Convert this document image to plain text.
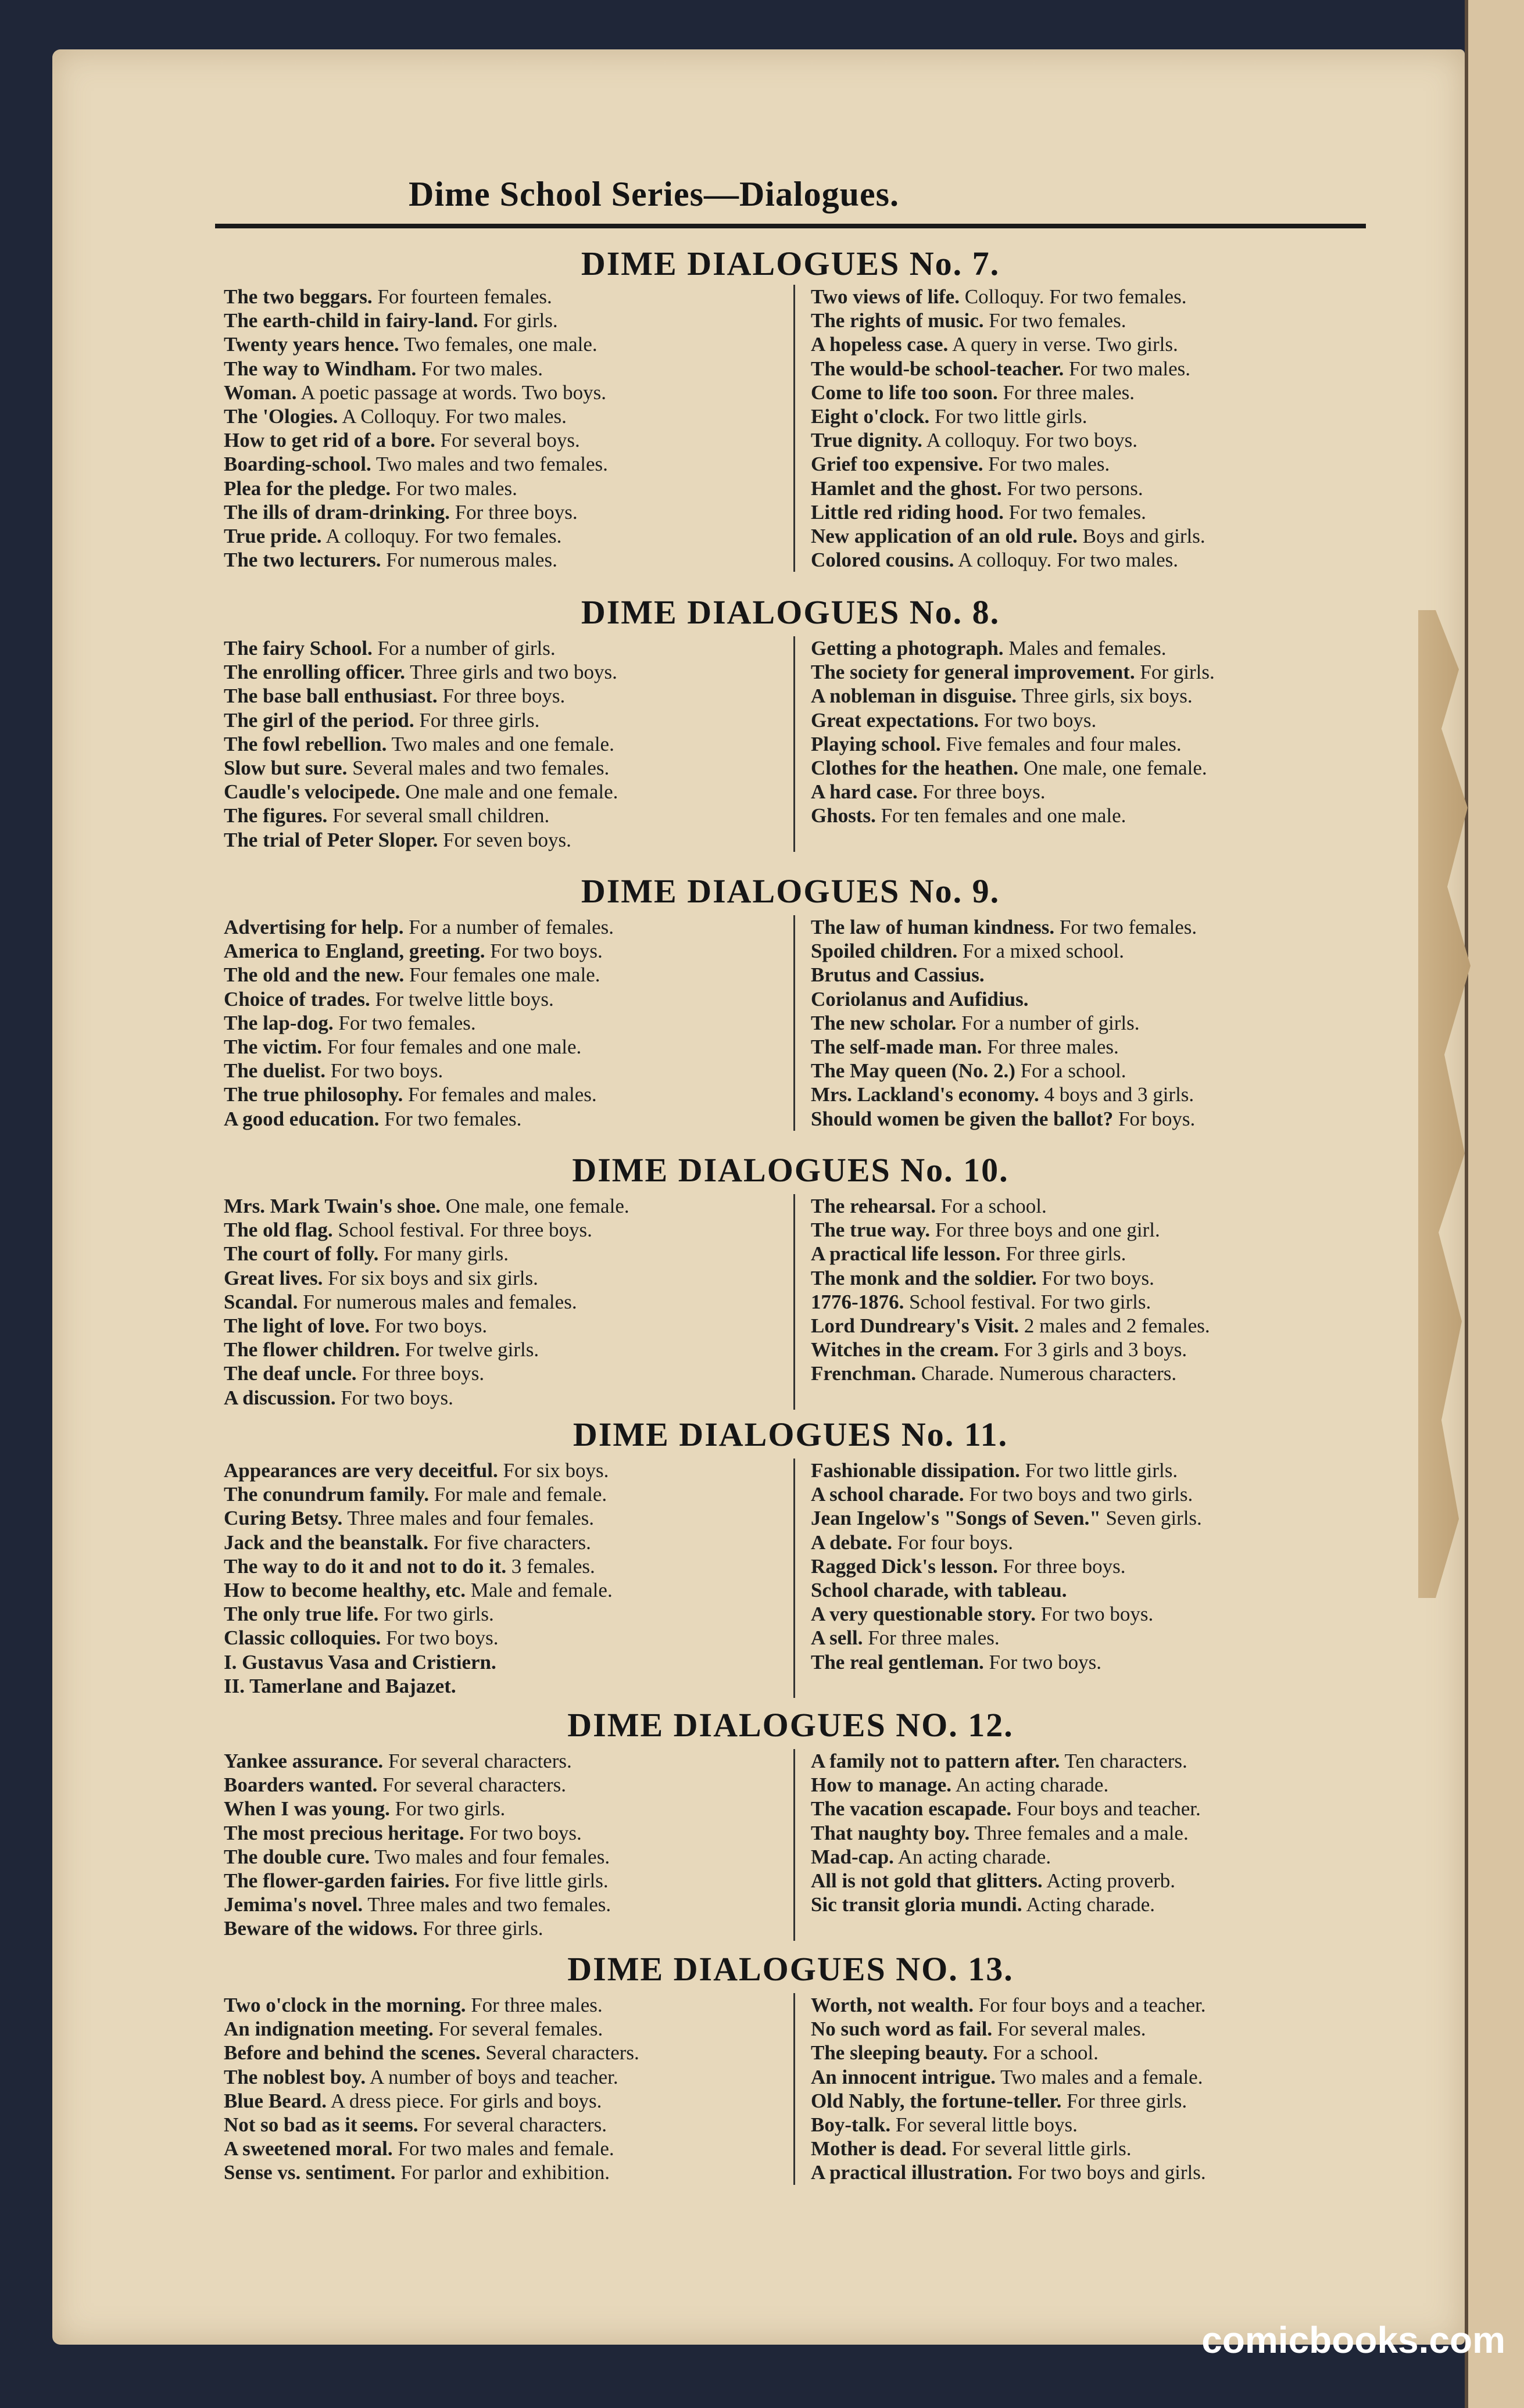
Dime School Series—Dialogues.
DIME DIALOGUES No. 7.
The two beggars. For fourteen females.
The earth-child in fairy-land. For girls.
Twenty years hence. Two females, one male.
The way to Windham. For two males.
Woman. A poetic passage at words. Two boys.
The 'Ologies. A Colloquy. For two males.
How to get rid of a bore. For several boys.
Boarding-school. Two males and two females.
Plea for the pledge. For two males.
The ills of dram-drinking. For three boys.
True pride. A colloquy. For two females.
The two lecturers. For numerous males.
Two views of life. Colloquy. For two females.
The rights of music. For two females.
A hopeless case. A query in verse. Two girls.
The would-be school-teacher. For two males.
Come to life too soon. For three males.
Eight o'clock. For two little girls.
True dignity. A colloquy. For two boys.
Grief too expensive. For two males.
Hamlet and the ghost. For two persons.
Little red riding hood. For two females.
New application of an old rule. Boys and girls.
Colored cousins. A colloquy. For two males.
DIME DIALOGUES No. 8.
The fairy School. For a number of girls.
The enrolling officer. Three girls and two boys.
The base ball enthusiast. For three boys.
The girl of the period. For three girls.
The fowl rebellion. Two males and one female.
Slow but sure. Several males and two females.
Caudle's velocipede. One male and one female.
The figures. For several small children.
The trial of Peter Sloper. For seven boys.
Getting a photograph. Males and females.
The society for general improvement. For girls.
A nobleman in disguise. Three girls, six boys.
Great expectations. For two boys.
Playing school. Five females and four males.
Clothes for the heathen. One male, one female.
A hard case. For three boys.
Ghosts. For ten females and one male.
DIME DIALOGUES No. 9.
Advertising for help. For a number of females.
America to England, greeting. For two boys.
The old and the new. Four females one male.
Choice of trades. For twelve little boys.
The lap-dog. For two females.
The victim. For four females and one male.
The duelist. For two boys.
The true philosophy. For females and males.
A good education. For two females.
The law of human kindness. For two females.
Spoiled children. For a mixed school.
Brutus and Cassius.
Coriolanus and Aufidius.
The new scholar. For a number of girls.
The self-made man. For three males.
The May queen (No. 2.) For a school.
Mrs. Lackland's economy. 4 boys and 3 girls.
Should women be given the ballot? For boys.
DIME DIALOGUES No. 10.
Mrs. Mark Twain's shoe. One male, one female.
The old flag. School festival. For three boys.
The court of folly. For many girls.
Great lives. For six boys and six girls.
Scandal. For numerous males and females.
The light of love. For two boys.
The flower children. For twelve girls.
The deaf uncle. For three boys.
A discussion. For two boys.
The rehearsal. For a school.
The true way. For three boys and one girl.
A practical life lesson. For three girls.
The monk and the soldier. For two boys.
1776-1876. School festival. For two girls.
Lord Dundreary's Visit. 2 males and 2 females.
Witches in the cream. For 3 girls and 3 boys.
Frenchman. Charade. Numerous characters.
DIME DIALOGUES No. 11.
Appearances are very deceitful. For six boys.
The conundrum family. For male and female.
Curing Betsy. Three males and four females.
Jack and the beanstalk. For five characters.
The way to do it and not to do it. 3 females.
How to become healthy, etc. Male and female.
The only true life. For two girls.
Classic colloquies. For two boys.
I. Gustavus Vasa and Cristiern.
II. Tamerlane and Bajazet.
Fashionable dissipation. For two little girls.
A school charade. For two boys and two girls.
Jean Ingelow's "Songs of Seven." Seven girls.
A debate. For four boys.
Ragged Dick's lesson. For three boys.
School charade, with tableau.
A very questionable story. For two boys.
A sell. For three males.
The real gentleman. For two boys.
DIME DIALOGUES NO. 12.
Yankee assurance. For several characters.
Boarders wanted. For several characters.
When I was young. For two girls.
The most precious heritage. For two boys.
The double cure. Two males and four females.
The flower-garden fairies. For five little girls.
Jemima's novel. Three males and two females.
Beware of the widows. For three girls.
A family not to pattern after. Ten characters.
How to manage. An acting charade.
The vacation escapade. Four boys and teacher.
That naughty boy. Three females and a male.
Mad-cap. An acting charade.
All is not gold that glitters. Acting proverb.
Sic transit gloria mundi. Acting charade.
DIME DIALOGUES NO. 13.
Two o'clock in the morning. For three males.
An indignation meeting. For several females.
Before and behind the scenes. Several characters.
The noblest boy. A number of boys and teacher.
Blue Beard. A dress piece. For girls and boys.
Not so bad as it seems. For several characters.
A sweetened moral. For two males and female.
Sense vs. sentiment. For parlor and exhibition.
Worth, not wealth. For four boys and a teacher.
No such word as fail. For several males.
The sleeping beauty. For a school.
An innocent intrigue. Two males and a female.
Old Nably, the fortune-teller. For three girls.
Boy-talk. For several little boys.
Mother is dead. For several little girls.
A practical illustration. For two boys and girls.
comicbooks.com
